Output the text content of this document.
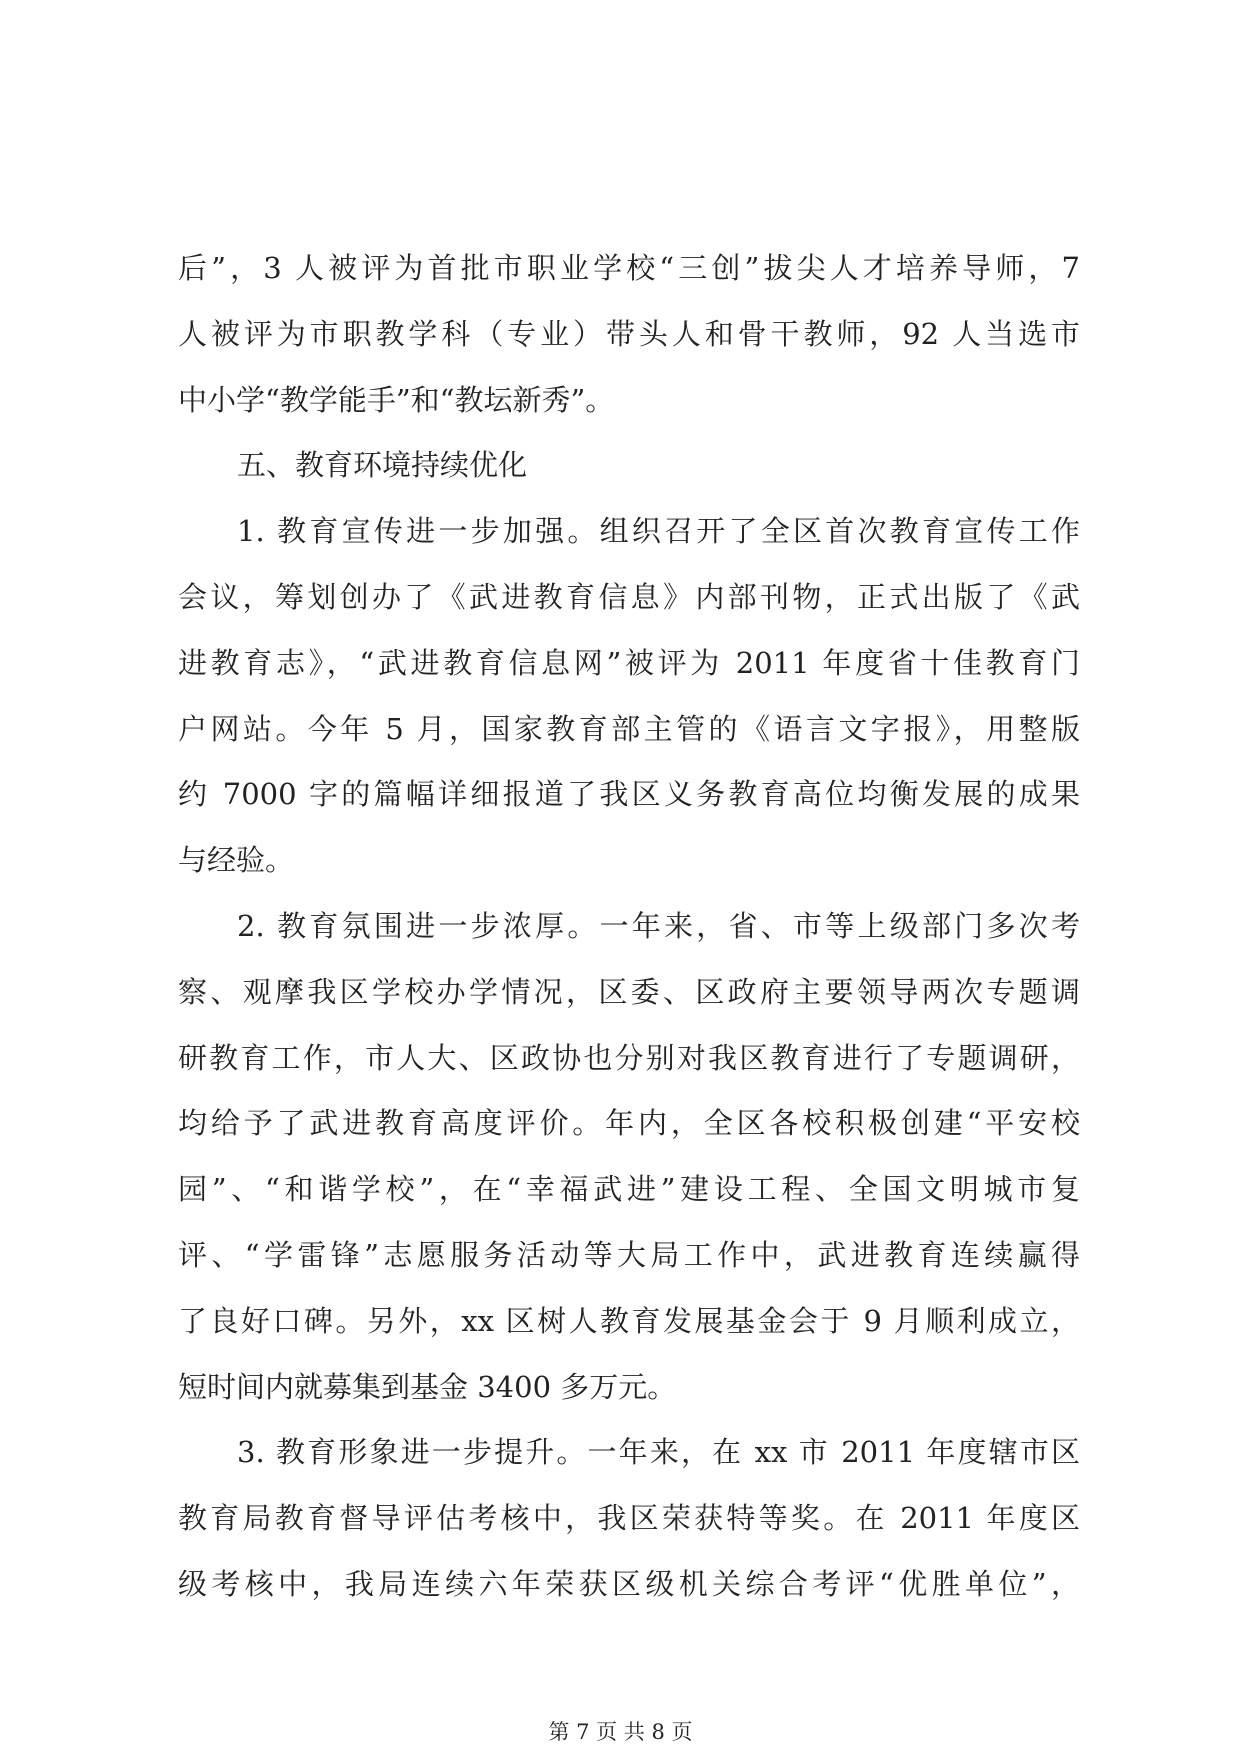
后”，3 人被评为首批市职业学校“三创”拔尖人才培养导师，7
人被评为市职教学科（专业）带头人和骨干教师，92 人当选市
中小学“教学能手”和“教坛新秀”。
五、教育环境持续优化
1. 教育宣传进一步加强。组织召开了全区首次教育宣传工作
会议，筹划创办了《武进教育信息》内部刊物，正式出版了《武
进教育志》，“武进教育信息网”被评为 2011 年度省十佳教育门
户网站。今年 5 月，国家教育部主管的《语言文字报》，用整版
约 7000 字的篇幅详细报道了我区义务教育高位均衡发展的成果
与经验。
2. 教育氛围进一步浓厚。一年来，省、市等上级部门多次考
察、观摩我区学校办学情况，区委、区政府主要领导两次专题调
研教育工作，市人大、区政协也分别对我区教育进行了专题调研，
均给予了武进教育高度评价。年内，全区各校积极创建“平安校
园”、“和谐学校”，在“幸福武进”建设工程、全国文明城市复
评、“学雷锋”志愿服务活动等大局工作中，武进教育连续赢得
了良好口碑。另外，xx 区树人教育发展基金会于 9 月顺利成立，
短时间内就募集到基金 3400 多万元。
3. 教育形象进一步提升。一年来，在 xx 市 2011 年度辖市区
教育局教育督导评估考核中，我区荣获特等奖。在 2011 年度区
级考核中，我局连续六年荣获区级机关综合考评“优胜单位”，
第 7 页 共 8 页
